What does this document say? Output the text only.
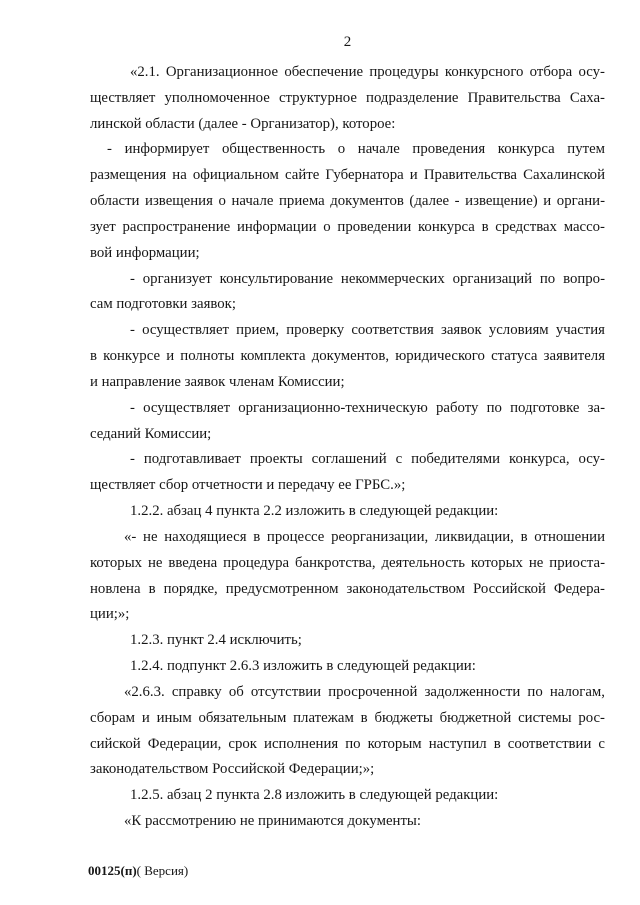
2
«2.1. Организационное обеспечение процедуры конкурсного отбора осу-
ществляет уполномоченное структурное подразделение Правительства Саха-
линской области (далее - Организатор), которое:
- информирует общественность о начале проведения конкурса путем
размещения на официальном сайте Губернатора и Правительства Сахалинской
области извещения о начале приема документов (далее - извещение) и органи-
зует распространение информации о проведении конкурса в средствах массо-
вой информации;
- организует консультирование некоммерческих организаций по вопро-
сам подготовки заявок;
- осуществляет прием, проверку соответствия заявок условиям участия
в конкурсе и полноты комплекта документов, юридического статуса заявителя
и направление заявок членам Комиссии;
- осуществляет организационно-техническую работу по подготовке за-
седаний Комиссии;
- подготавливает проекты соглашений с победителями конкурса, осу-
ществляет сбор отчетности и передачу ее ГРБС.»;
1.2.2. абзац 4 пункта 2.2 изложить в следующей редакции:
«- не находящиеся в процессе реорганизации, ликвидации, в отношении
которых не введена процедура банкротства, деятельность которых не приоста-
новлена в порядке, предусмотренном законодательством Российской Федера-
ции;»;
1.2.3. пункт 2.4 исключить;
1.2.4. подпункт 2.6.3 изложить в следующей редакции:
«2.6.3. справку об отсутствии просроченной задолженности по налогам,
сборам и иным обязательным платежам в бюджеты бюджетной системы рос-
сийской Федерации, срок исполнения по которым наступил в соответствии с
законодательством Российской Федерации;»;
1.2.5. абзац 2 пункта 2.8 изложить в следующей редакции:
«К рассмотрению не принимаются документы:
00125(п)( Версия)
